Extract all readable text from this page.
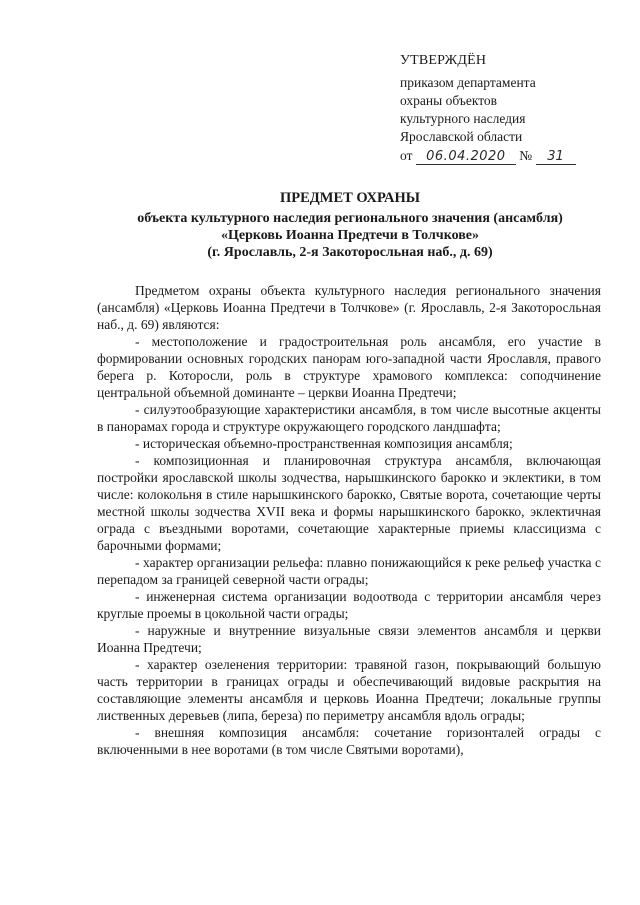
УТВЕРЖДЁН
приказом департамента
охраны объектов
культурного наследия
Ярославской области
от 06.04.2020 № 31
ПРЕДМЕТ ОХРАНЫ
объекта культурного наследия регионального значения (ансамбля)
«Церковь Иоанна Предтечи в Толчкове»
(г. Ярославль, 2-я Закоторосльная наб., д. 69)

Предметом охраны объекта культурного наследия регионального значения (ансамбля) «Церковь Иоанна Предтечи в Толчкове» (г. Ярославль, 2-я Закоторосльная наб., д. 69) являются:

- местоположение и градостроительная роль ансамбля, его участие в формировании основных городских панорам юго-западной части Ярославля, правого берега р. Которосли, роль в структуре храмового комплекса: соподчинение центральной объемной доминанте – церкви Иоанна Предтечи;

- силуэтообразующие характеристики ансамбля, в том числе высотные акценты в панорамах города и структуре окружающего городского ландшафта;

- историческая объемно-пространственная композиция ансамбля;

- композиционная и планировочная структура ансамбля, включающая постройки ярославской школы зодчества, нарышкинского барокко и эклектики, в том числе: колокольня в стиле нарышкинского барокко, Святые ворота, сочетающие черты местной школы зодчества XVII века и формы нарышкинского барокко, эклектичная ограда с въездными воротами, сочетающие характерные приемы классицизма с барочными формами;

- характер организации рельефа: плавно понижающийся к реке рельеф участка с перепадом за границей северной части ограды;

- инженерная система организации водоотвода с территории ансамбля через круглые проемы в цокольной части ограды;

- наружные и внутренние визуальные связи элементов ансамбля и церкви Иоанна Предтечи;

- характер озеленения территории: травяной газон, покрывающий большую часть территории в границах ограды и обеспечивающий видовые раскрытия на составляющие элементы ансамбля и церковь Иоанна Предтечи; локальные группы лиственных деревьев (липа, береза) по периметру ансамбля вдоль ограды;

- внешняя композиция ансамбля: сочетание горизонталей ограды с включенными в нее воротами (в том числе Святыми воротами),
